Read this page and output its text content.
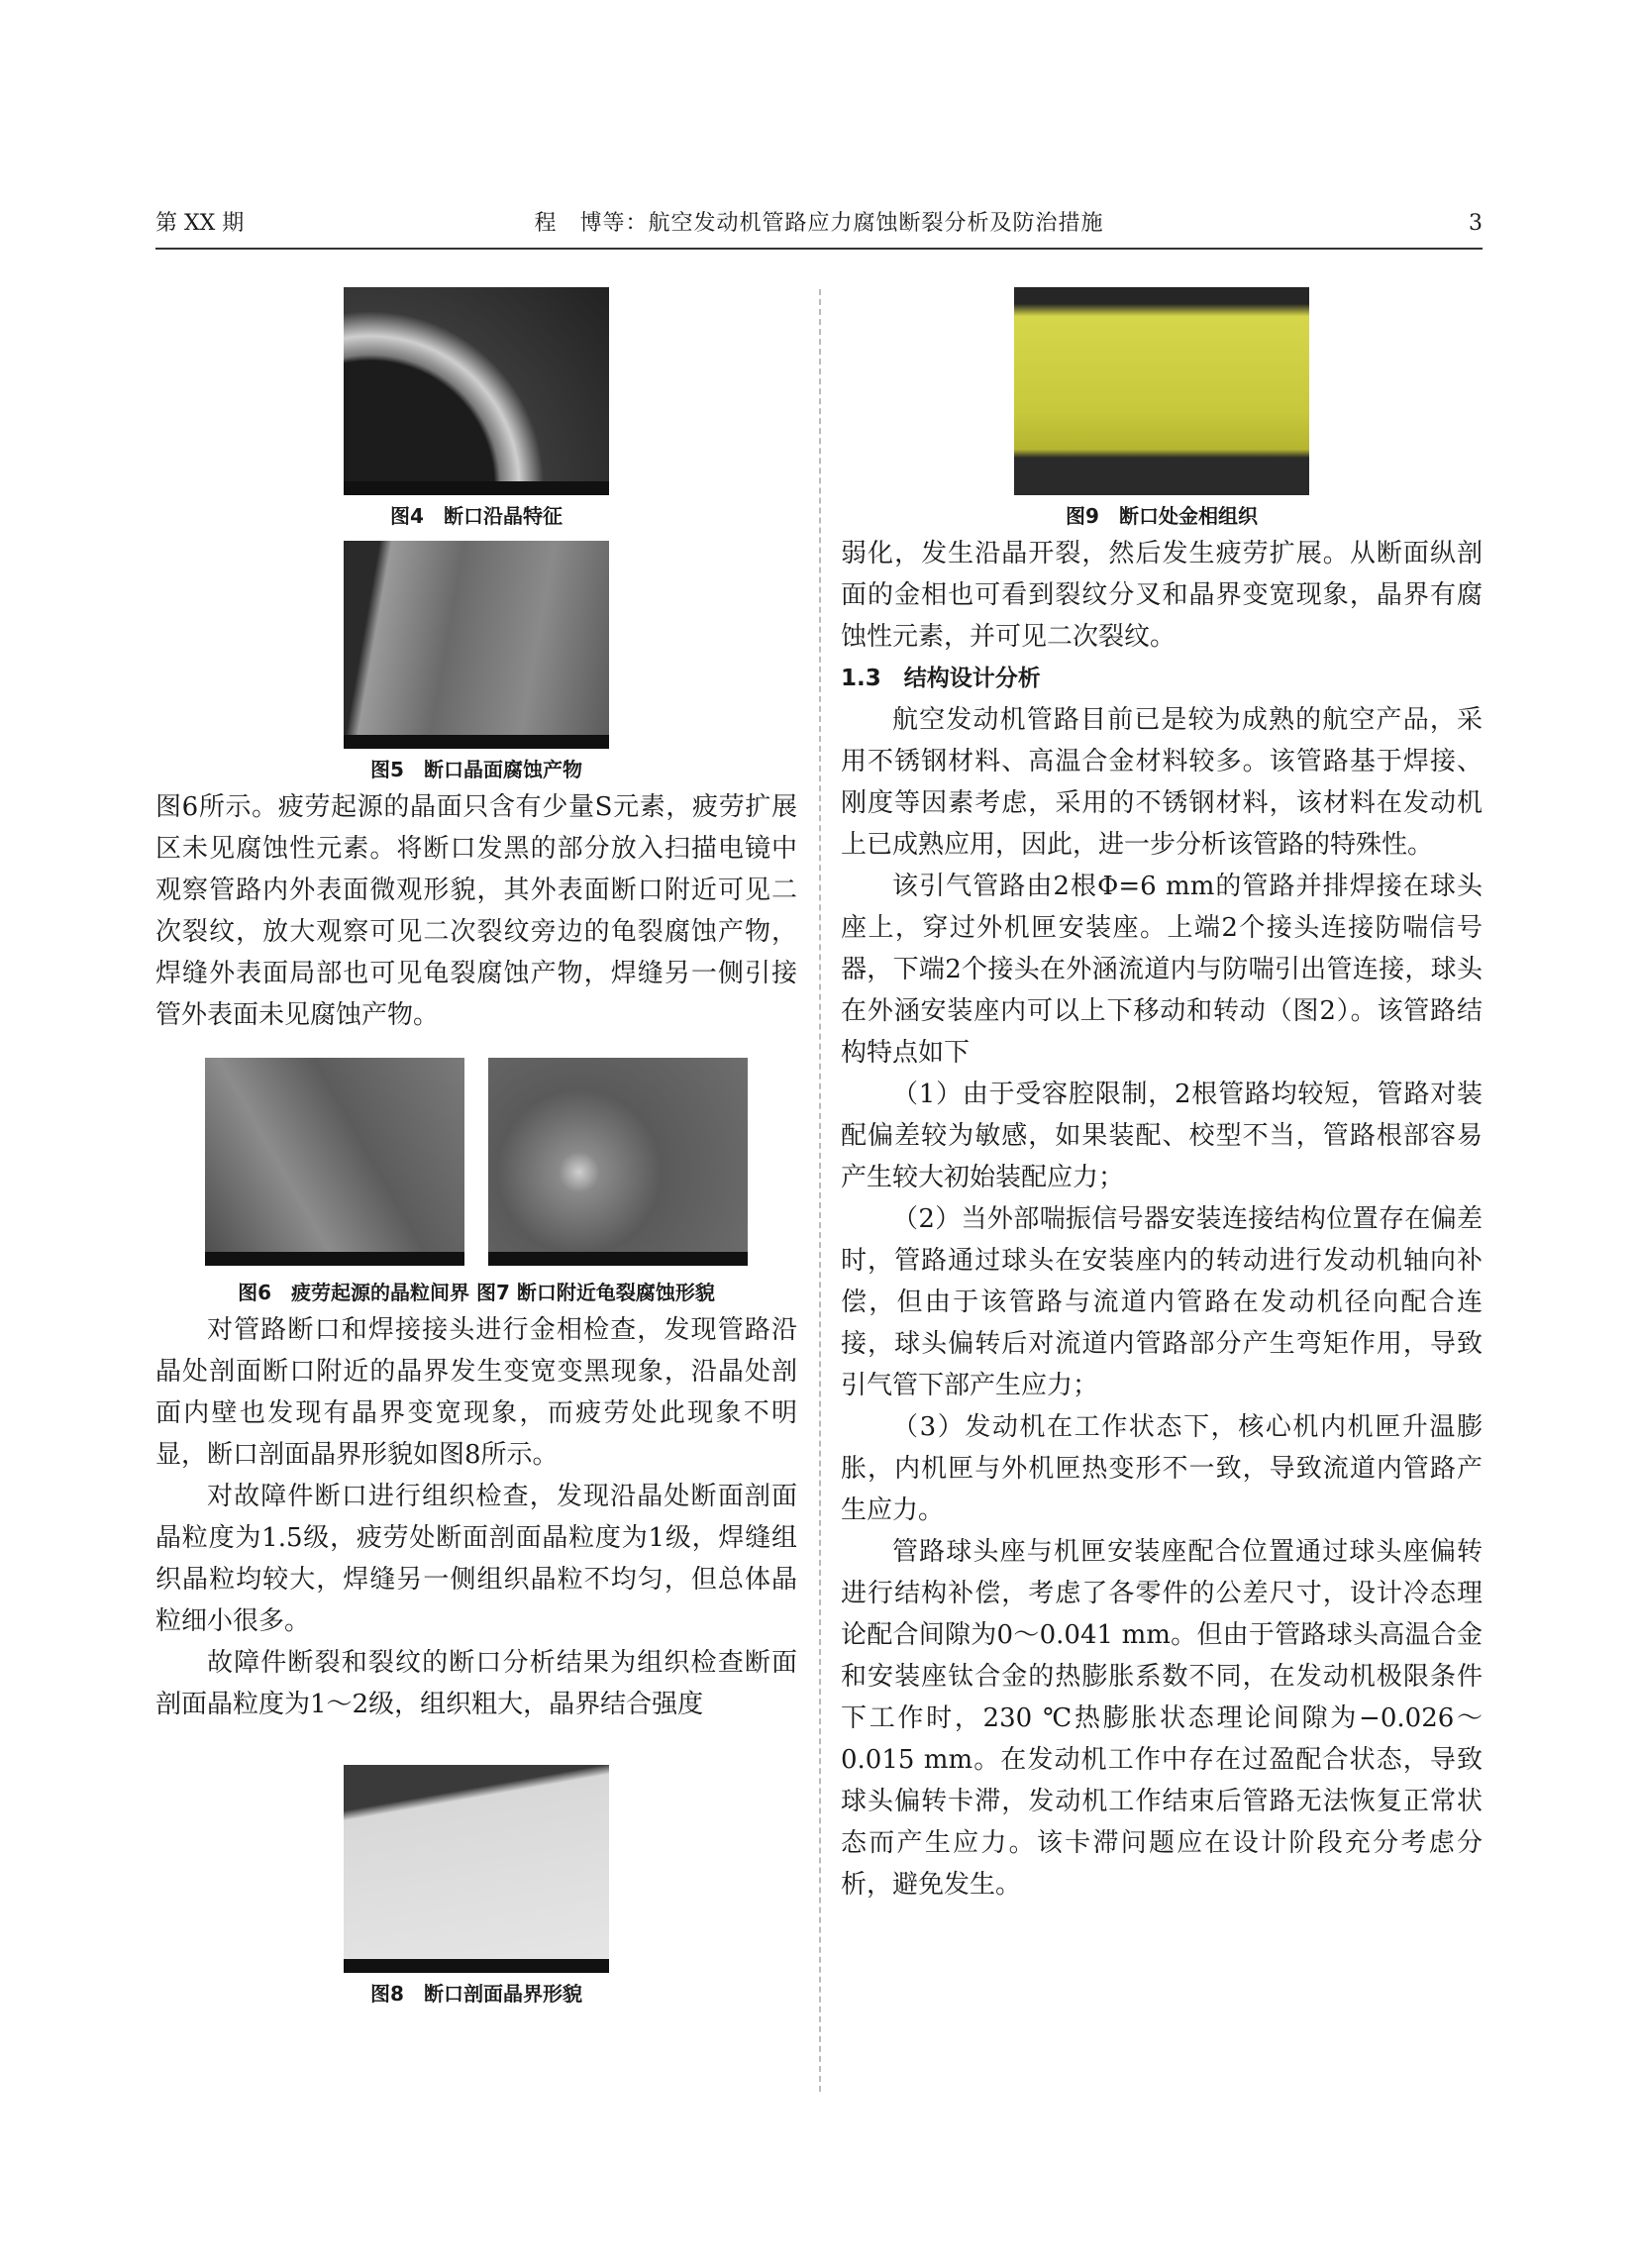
第 XX 期	程　博等：航空发动机管路应力腐蚀断裂分析及防治措施	3
图4　断口沿晶特征
图5　断口晶面腐蚀产物

图6所示。疲劳起源的晶面只含有少量S元素，疲劳扩展区未见腐蚀性元素。将断口发黑的部分放入扫描电镜中观察管路内外表面微观形貌，其外表面断口附近可见二次裂纹，放大观察可见二次裂纹旁边的龟裂腐蚀产物，焊缝外表面局部也可见龟裂腐蚀产物，焊缝另一侧引接管外表面未见腐蚀产物。

图6　疲劳起源的晶粒间界 图7 断口附近龟裂腐蚀形貌

对管路断口和焊接接头进行金相检查，发现管路沿晶处剖面断口附近的晶界发生变宽变黑现象，沿晶处剖面内壁也发现有晶界变宽现象，而疲劳处此现象不明显，断口剖面晶界形貌如图8所示。

对故障件断口进行组织检查，发现沿晶处断面剖面晶粒度为1.5级，疲劳处断面剖面晶粒度为1级，焊缝组织晶粒均较大，焊缝另一侧组织晶粒不均匀，但总体晶粒细小很多。

故障件断裂和裂纹的断口分析结果为组织检查断面剖面晶粒度为1～2级，组织粗大，晶界结合强度

图8　断口剖面晶界形貌
图9　断口处金相组织

弱化，发生沿晶开裂，然后发生疲劳扩展。从断面纵剖面的金相也可看到裂纹分叉和晶界变宽现象，晶界有腐蚀性元素，并可见二次裂纹。

1.3　结构设计分析

航空发动机管路目前已是较为成熟的航空产品，采用不锈钢材料、高温合金材料较多。该管路基于焊接、刚度等因素考虑，采用的不锈钢材料，该材料在发动机上已成熟应用，因此，进一步分析该管路的特殊性。

该引气管路由2根Φ=6 mm的管路并排焊接在球头座上，穿过外机匣安装座。上端2个接头连接防喘信号器，下端2个接头在外涵流道内与防喘引出管连接，球头在外涵安装座内可以上下移动和转动（图2）。该管路结构特点如下

（1）由于受容腔限制，2根管路均较短，管路对装配偏差较为敏感，如果装配、校型不当，管路根部容易产生较大初始装配应力；

（2）当外部喘振信号器安装连接结构位置存在偏差时，管路通过球头在安装座内的转动进行发动机轴向补偿，但由于该管路与流道内管路在发动机径向配合连接，球头偏转后对流道内管路部分产生弯矩作用，导致引气管下部产生应力；

（3）发动机在工作状态下，核心机内机匣升温膨胀，内机匣与外机匣热变形不一致，导致流道内管路产生应力。

管路球头座与机匣安装座配合位置通过球头座偏转进行结构补偿，考虑了各零件的公差尺寸，设计冷态理论配合间隙为0～0.041 mm。但由于管路球头高温合金和安装座钛合金的热膨胀系数不同，在发动机极限条件下工作时，230 ℃热膨胀状态理论间隙为−0.026～0.015 mm。在发动机工作中存在过盈配合状态，导致球头偏转卡滞，发动机工作结束后管路无法恢复正常状态而产生应力。该卡滞问题应在设计阶段充分考虑分析，避免发生。
